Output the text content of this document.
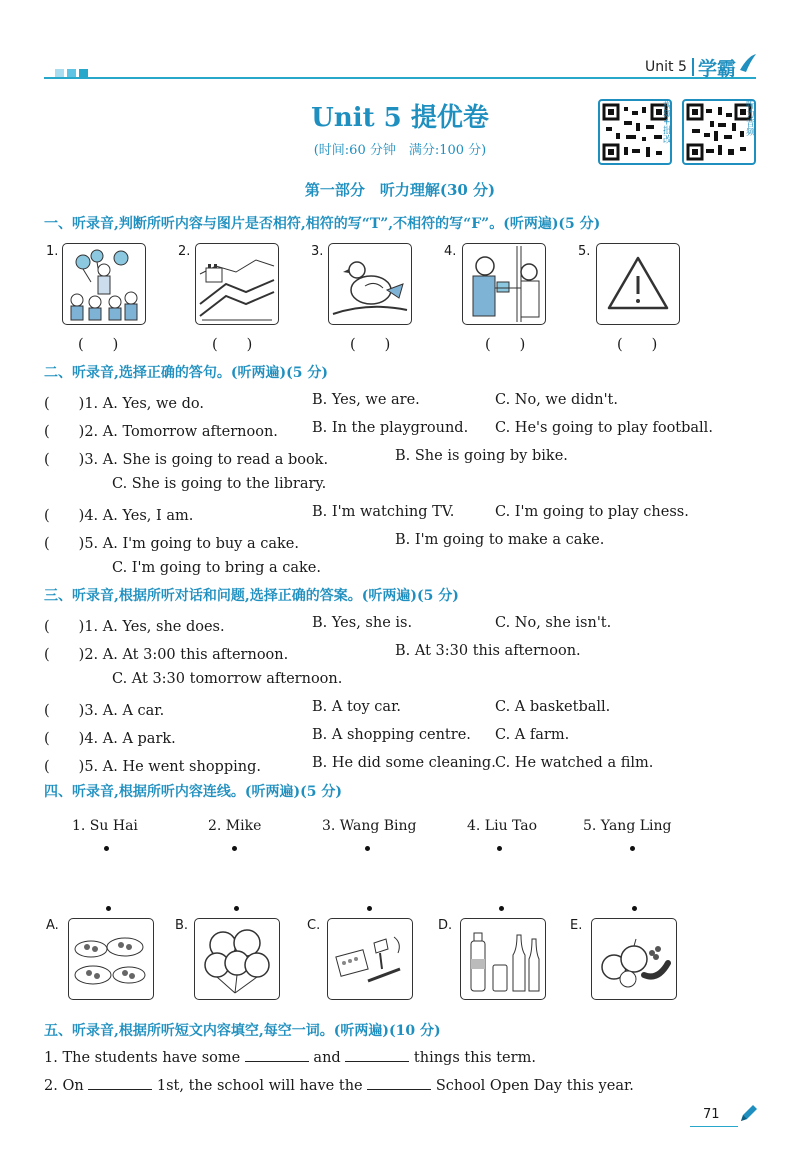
Unit 5 学霸
Unit 5 提优卷
(时间:60 分钟　满分:100 分)
视频+批改	听力音频
第一部分　听力理解(30 分)
一、听录音,判断所听内容与图片是否相符,相符的写“T”,不相符的写“F”。(听两遍)(5 分)
1.
(　　)
2.
(　　)
3.
(　　)
4.
(　　)
5.
(　　)
二、听录音,选择正确的答句。(听两遍)(5 分)
(　　)1. A. Yes, we do.	B. Yes, we are.	C. No, we didn't.
(　　)2. A. Tomorrow afternoon. B. In the playground. C. He's going to play football.
(　　)3. A. She is going to read a book.	B. She is going by bike.
C. She is going to the library.
(　　)4. A. Yes, I am.	B. I'm watching TV.	C. I'm going to play chess.
(　　)5. A. I'm going to buy a cake.	B. I'm going to make a cake.
C. I'm going to bring a cake.
三、听录音,根据所听对话和问题,选择正确的答案。(听两遍)(5 分)
(　　)1. A. Yes, she does.	B. Yes, she is.	C. No, she isn't.
(　　)2. A. At 3:00 this afternoon.	B. At 3:30 this afternoon.
C. At 3:30 tomorrow afternoon.
(　　)3. A. A car.	B. A toy car.	C. A basketball.
(　　)4. A. A park.	B. A shopping centre. C. A farm.
(　　)5. A. He went shopping.	B. He did some cleaning. C. He watched a film.
四、听录音,根据所听内容连线。(听两遍)(5 分)
1. Su Hai	2. Mike	3. Wang Bing	4. Liu Tao	5. Yang Ling
A.	B.	C.	D.	E.
五、听录音,根据所听短文内容填空,每空一词。(听两遍)(10 分)
1. The students have some	and	things this term.
2. On	1st, the school will have the	School Open Day this year.
71
